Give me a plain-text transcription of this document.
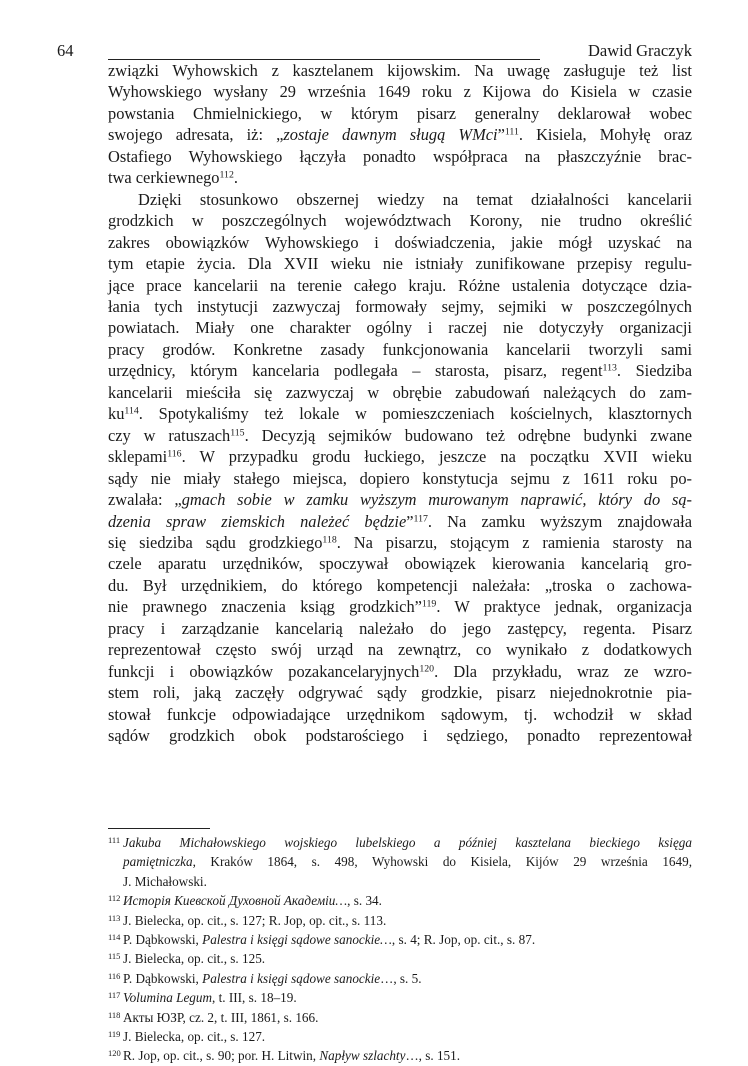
64	Dawid Graczyk
związki Wyhowskich z kasztelanem kijowskim. Na uwagę zasługuje też list
Wyhowskiego wysłany 29 września 1649 roku z Kijowa do Kisiela w czasie
powstania Chmielnickiego, w którym pisarz generalny deklarował wobec
swojego adresata, iż: „zostaje dawnym sługą WMci”$^{111}$. Kisiela, Mohyłę oraz
Ostafiego Wyhowskiego łączyła ponadto współpraca na płaszczyźnie brac-
twa cerkiewnego$^{112}$.
Dzięki stosunkowo obszernej wiedzy na temat działalności kancelarii
grodzkich w poszczególnych województwach Korony, nie trudno określić
zakres obowiązków Wyhowskiego i doświadczenia, jakie mógł uzyskać na
tym etapie życia. Dla XVII wieku nie istniały zunifikowane przepisy regulu-
jące prace kancelarii na terenie całego kraju. Różne ustalenia dotyczące dzia-
łania tych instytucji zazwyczaj formowały sejmy, sejmiki w poszczególnych
powiatach. Miały one charakter ogólny i raczej nie dotyczyły organizacji
pracy grodów. Konkretne zasady funkcjonowania kancelarii tworzyli sami
urzędnicy, którym kancelaria podlegała – starosta, pisarz, regent$^{113}$. Siedziba
kancelarii mieściła się zazwyczaj w obrębie zabudowań należących do zam-
$ku^{114}$. Spotykaliśmy też lokale w pomieszczeniach kościelnych, klasztornych
czy w ratuszach$^{115}$. Decyzją sejmików budowano też odrębne budynki zwane
sklepami$^{116}$. W przypadku grodu łuckiego, jeszcze na początku XVII wieku
sądy nie miały stałego miejsca, dopiero konstytucja sejmu z 1611 roku po-
zwalała: „gmach sobie w zamku wyższym murowanym naprawić, który do są-
dzenia spraw ziemskich należeć będzie”$^{117}$. Na zamku wyższym znajdowała
się siedziba sądu grodzkiego$^{118}$. Na pisarzu, stojącym z ramienia starosty na
czele aparatu urzędników, spoczywał obowiązek kierowania kancelarią gro-
du. Był urzędnikiem, do którego kompetencji należała: „troska o zachowa-
nie prawnego znaczenia ksiąg grodzkich”$^{119}$. W praktyce jednak, organizacja
pracy i zarządzanie kancelarią należało do jego zastępcy, regenta. Pisarz
reprezentował często swój urząd na zewnątrz, co wynikało z dodatkowych
funkcji i obowiązków pozakancelaryjnych$^{120}$. Dla przykładu, wraz ze wzro-
stem roli, jaką zaczęły odgrywać sądy grodzkie, pisarz niejednokrotnie pia-
stował funkcje odpowiadające urzędnikom sądowym, tj. wchodził w skład
sądów grodzkich obok podstarościego i sędziego, ponadto reprezentował
111 Jakuba Michałowskiego wojskiego lubelskiego a później kasztelana bieckiego księga
pamiętniczka, Kraków 1864, s. 498, Wyhowski do Kisiela, Kijów 29 września 1649,
J. Michałowski.
112 Исторія Киевской Духовной Академіи…, s. 34.
113 J. Bielecka, op. cit., s. 127; R. Jop, op. cit., s. 113.
114 P. Dąbkowski, Palestra i księgi sądowe sanockie…, s. 4; R. Jop, op. cit., s. 87.
115 J. Bielecka, op. cit., s. 125.
116 P. Dąbkowski, Palestra i księgi sądowe sanockie…, s. 5.
117 Volumina Legum, t. III, s. 18–19.
118 Акты ЮЗР, cz. 2, t. III, 1861, s. 166.
119 J. Bielecka, op. cit., s. 127.
120 R. Jop, op. cit., s. 90; por. H. Litwin, Napływ szlachty…, s. 151.
